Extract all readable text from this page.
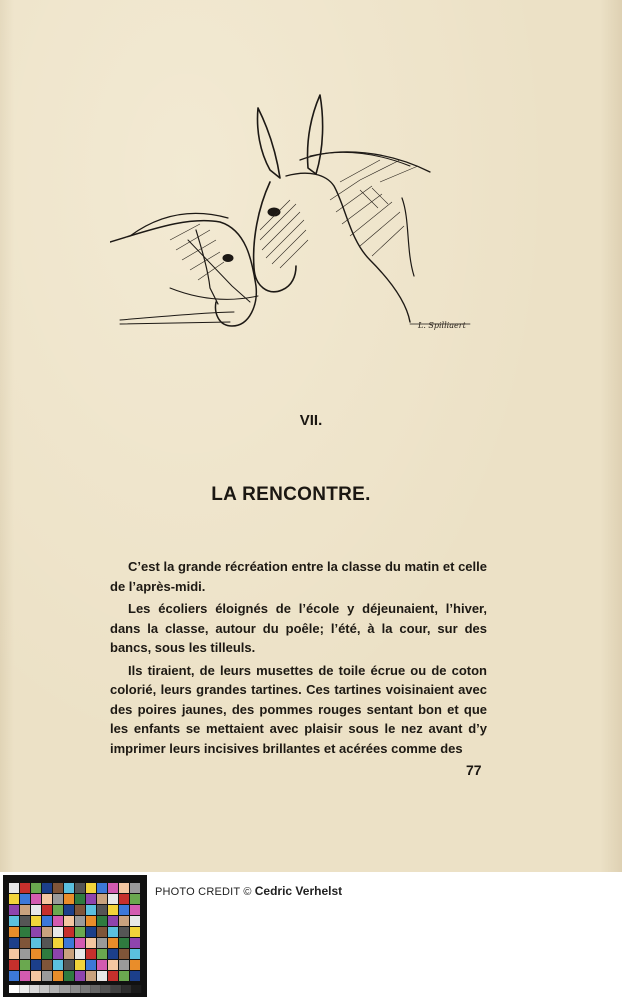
L. Spilliaert
VII.
LA RENCONTRE.

C’est la grande récréation entre la classe du matin et celle de l’après-midi.

Les écoliers éloignés de l’école y déjeunaient, l’hiver, dans la classe, autour du poêle; l’été, à la cour, sur des bancs, sous les tilleuls.

Ils tiraient, de leurs musettes de toile écrue ou de coton colorié, leurs grandes tartines. Ces tartines voisinaient avec des poires jaunes, des pommes rouges sentant bon et que les enfants se mettaient avec plaisir sous le nez avant d’y imprimer leurs incisives brillantes et acérées comme des

77
PHOTO CREDIT © Cedric Verhelst
